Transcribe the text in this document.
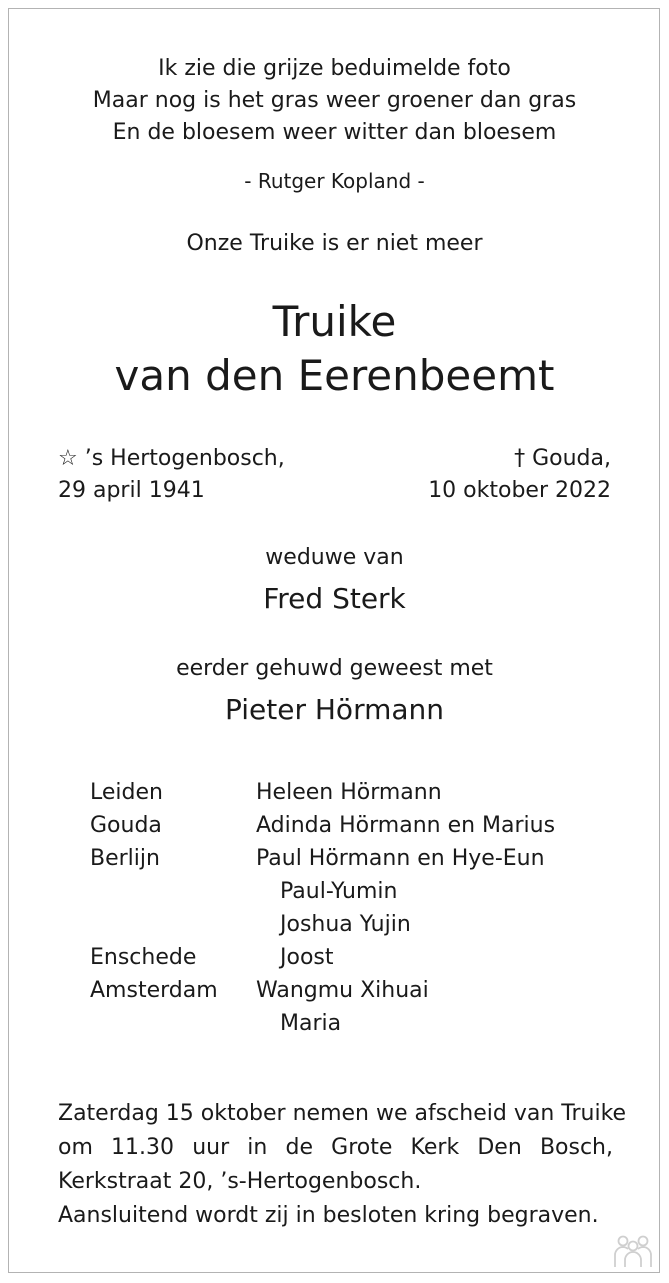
Ik zie die grijze beduimelde foto
Maar nog is het gras weer groener dan gras
En de bloesem weer witter dan bloesem
- Rutger Kopland -
Onze Truike is er niet meer
Truike
van den Eerenbeemt
☆ ’s Hertogenbosch,
29 april 1941
† Gouda,
10 oktober 2022
weduwe van
Fred Sterk
eerder gehuwd geweest met
Pieter Hörmann
Leiden	Heleen Hörmann
Gouda	Adinda Hörmann en Marius
Berlijn	Paul Hörmann en Hye-Eun
Paul-Yumin
Joshua Yujin
Enschede	Joost
Amsterdam Wangmu Xihuai
Maria
Zaterdag 15 oktober nemen we afscheid van Truike
om 11.30 uur in de Grote Kerk Den Bosch,
Kerkstraat 20, ’s-Hertogenbosch.
Aansluitend wordt zij in besloten kring begraven.
